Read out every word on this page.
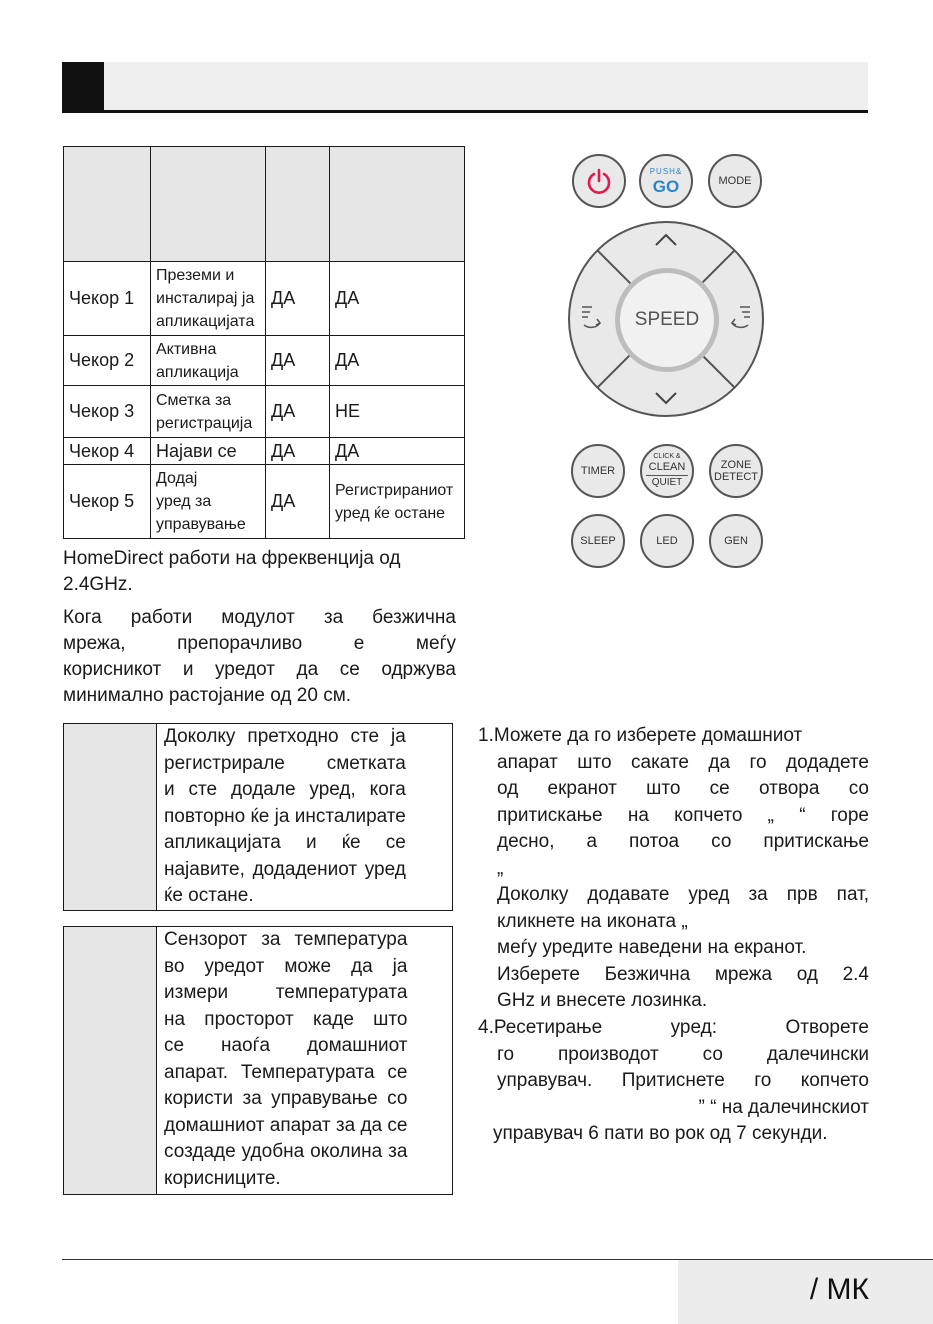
Чекор 1	Преземи и
инсталирај ја
апликацијата	ДА	ДА
Чекор 2	Активна
апликација	ДА	ДА
Чекор 3	Сметка за
регистрација	ДА	НЕ
Чекор 4	Најави се	ДА	ДА
Чекор 5	Додај
уред за
управување	ДА	Регистрираниот
уред ќе остане
HomeDirect работи на фреквенција од
2.4GHz.
Кога работи модулот за безжична
мрежа, препорачливо е меѓу
корисникот и уредот да се одржува
минимално растојание од 20 см.
Доколку претходно сте ја
регистрирале сметката
и сте додале уред, кога
повторно ќе ја инсталирате
апликацијата и ќе се
најавите, додадениот уред
ќе остане.
Сензорот за температура
во уредот може да ја
измери температурата
на просторот каде што
се наоѓа домашниот
апарат. Температурата се
користи за управување со
домашниот апарат за да се
создаде удобна околина за
корисниците.
PUSH&
GO	MODE
SPEED
TIMER
CLICK &
CLEAN
QUIET
ZONE
DETECT
SLEEP	LED	GEN
1.Можете да го изберете домашниот
апарат што сакате да го додадете
од екранот што се отвора со
притискање на копчето „ “ горе
десно, а потоа со притискање
„
Доколку додавате уред за прв пат,
кликнете на иконата „
меѓу уредите наведени на екранот.
Изберете Безжична мрежа од 2.4
GHz и внесете лозинка.
4.Ресетирање уред: Отворете
го производот со далечински
управувач. Притиснете го копчето
” “ на далечинскиот
управувач 6 пати во рок од 7 секунди.
/ МК
